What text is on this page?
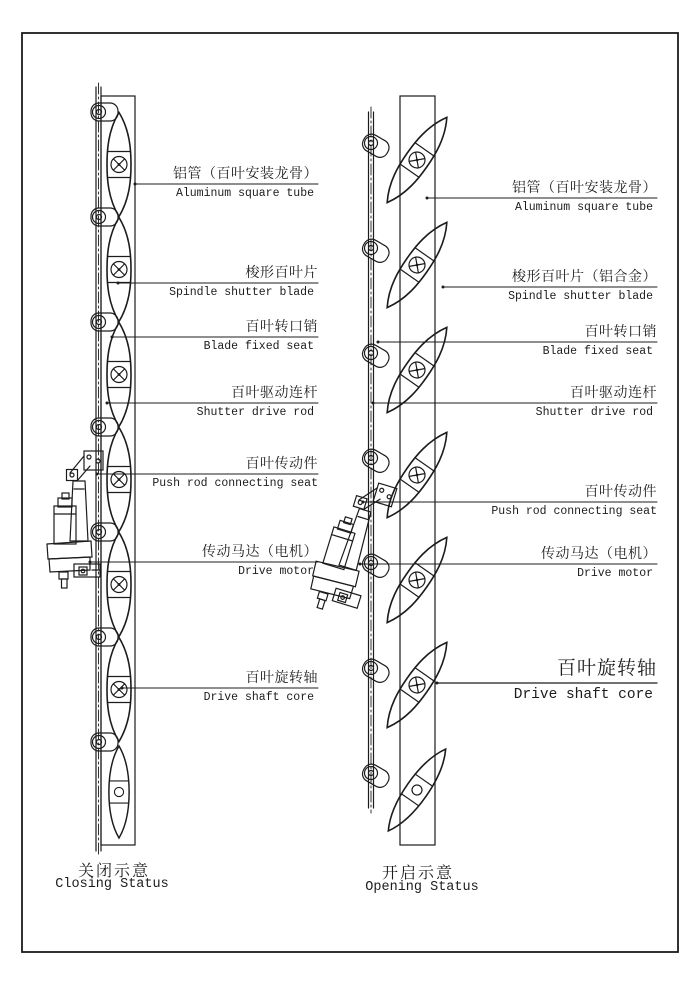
铝管（百叶安装龙骨）
Aluminum square tube
梭形百叶片
Spindle shutter blade
百叶转口销
Blade fixed seat
百叶驱动连杆
Shutter drive rod
百叶传动件
Push rod connecting seat
传动马达（电机）
Drive motor
百叶旋转轴
Drive shaft core
铝管（百叶安装龙骨）
Aluminum square tube
梭形百叶片（铝合金）
Spindle shutter blade
百叶转口销
Blade fixed seat
百叶驱动连杆
Shutter drive rod
百叶传动件
Push rod connecting seat
传动马达（电机）
Drive motor
百叶旋转轴
Drive shaft core
关闭示意
Closing Status
开启示意
Opening Status
